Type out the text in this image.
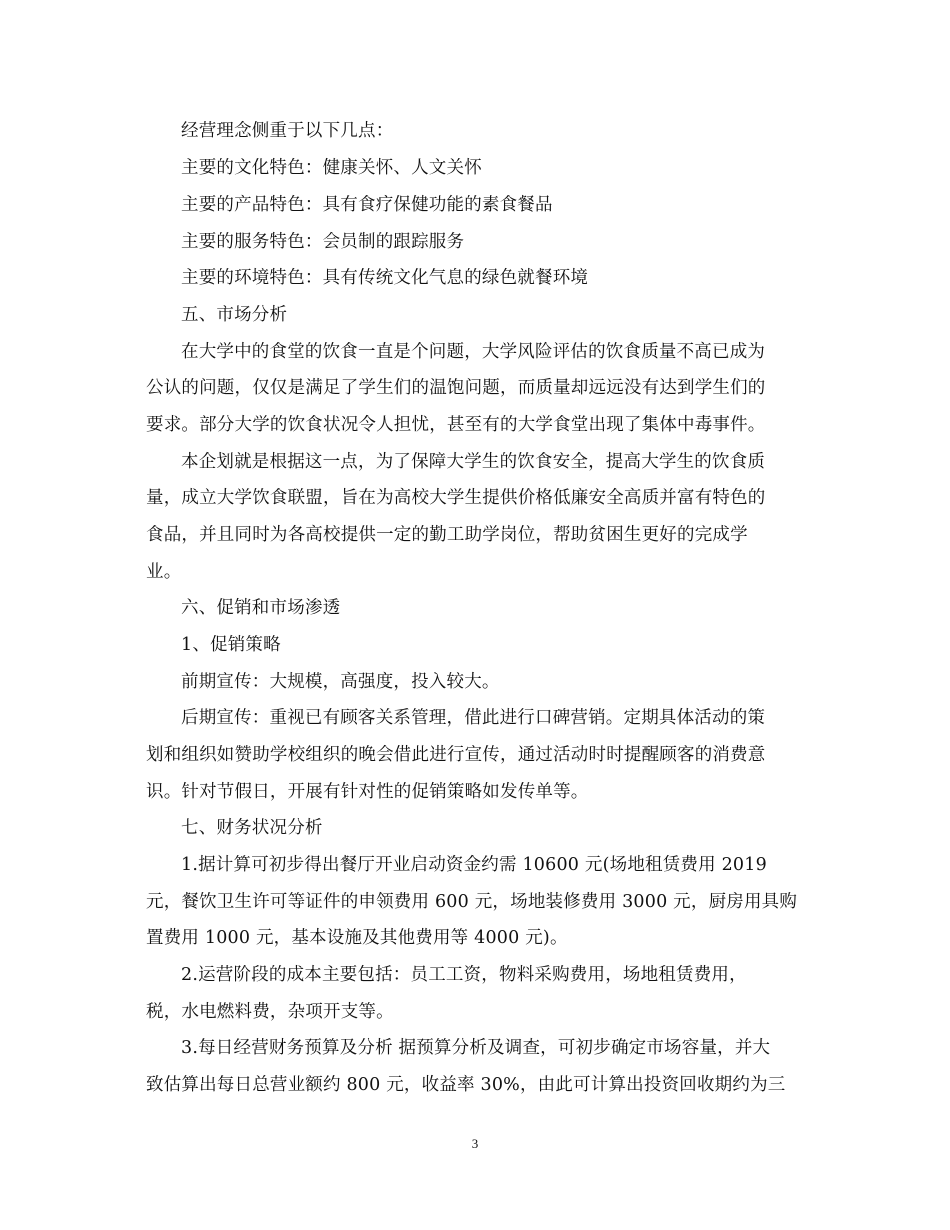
经营理念侧重于以下几点：
主要的文化特色：健康关怀、人文关怀
主要的产品特色：具有食疗保健功能的素食餐品
主要的服务特色：会员制的跟踪服务
主要的环境特色：具有传统文化气息的绿色就餐环境
五、市场分析
在大学中的食堂的饮食一直是个问题，大学风险评估的饮食质量不高已成为
公认的问题，仅仅是满足了学生们的温饱问题，而质量却远远没有达到学生们的
要求。部分大学的饮食状况令人担忧，甚至有的大学食堂出现了集体中毒事件。
本企划就是根据这一点，为了保障大学生的饮食安全，提高大学生的饮食质
量，成立大学饮食联盟，旨在为高校大学生提供价格低廉安全高质并富有特色的
食品，并且同时为各高校提供一定的勤工助学岗位，帮助贫困生更好的完成学
业。
六、促销和市场渗透
1、促销策略
前期宣传：大规模，高强度，投入较大。
后期宣传：重视已有顾客关系管理，借此进行口碑营销。定期具体活动的策
划和组织如赞助学校组织的晚会借此进行宣传，通过活动时时提醒顾客的消费意
识。针对节假日，开展有针对性的促销策略如发传单等。
七、财务状况分析
1.据计算可初步得出餐厅开业启动资金约需 10600 元(场地租赁费用 2019
元，餐饮卫生许可等证件的申领费用 600 元，场地装修费用 3000 元，厨房用具购
置费用 1000 元，基本设施及其他费用等 4000 元)。
2.运营阶段的成本主要包括：员工工资，物料采购费用，场地租赁费用，
税，水电燃料费，杂项开支等。
3.每日经营财务预算及分析 据预算分析及调查，可初步确定市场容量，并大
致估算出每日总营业额约 800 元，收益率 30%，由此可计算出投资回收期约为三
3
